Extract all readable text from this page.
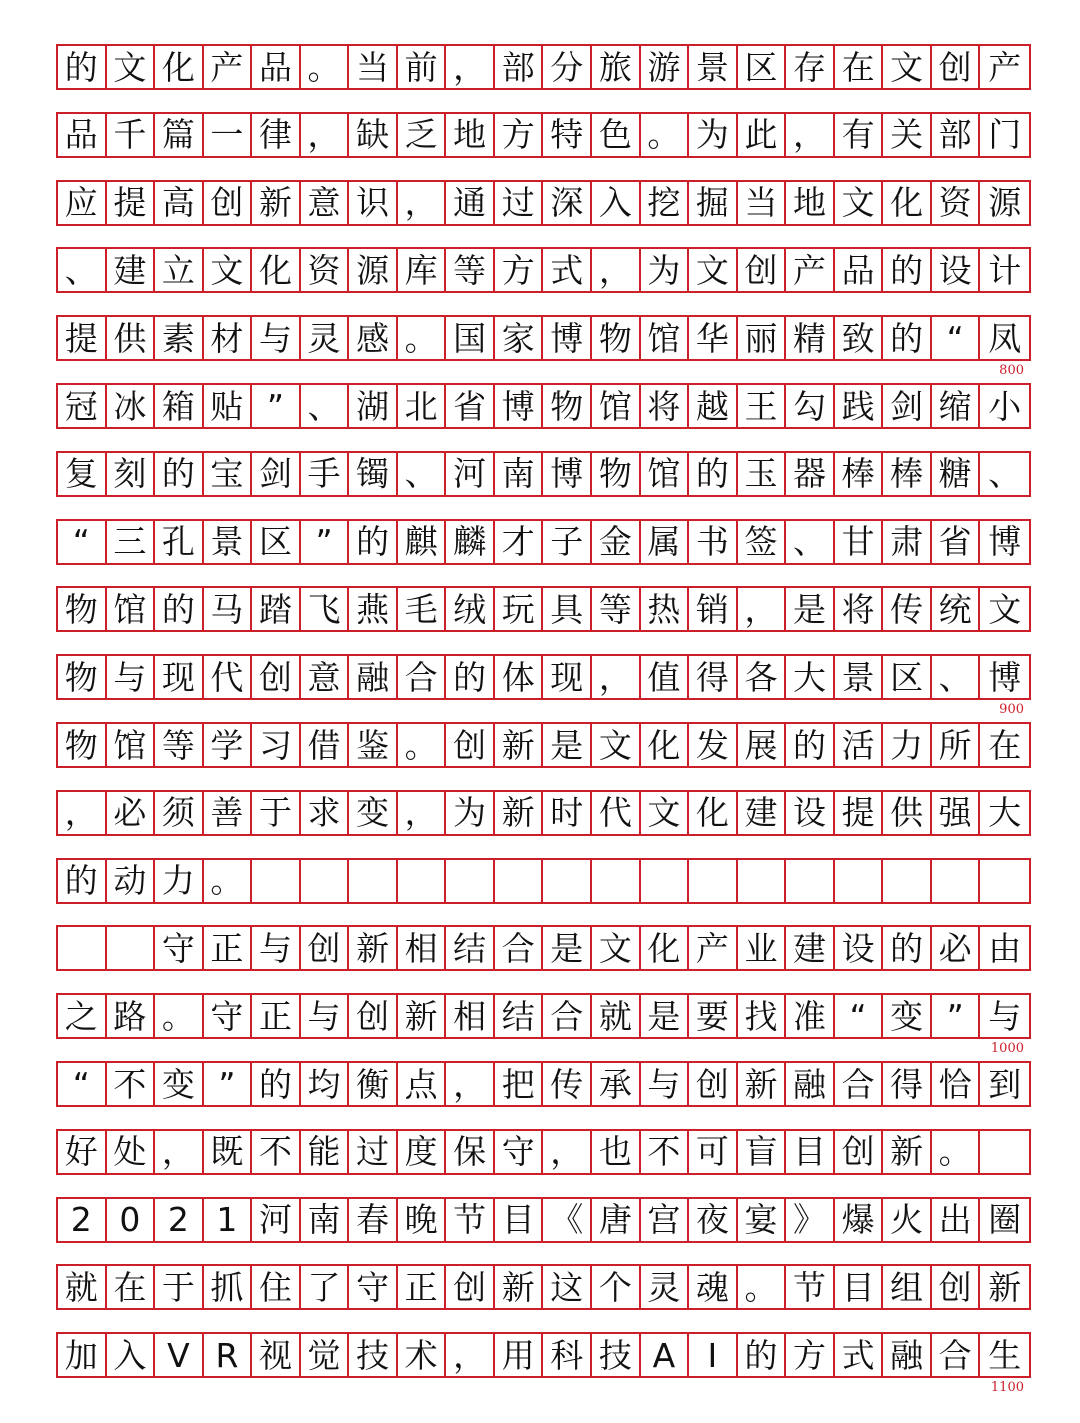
的 文 化 产 品 。 当 前 ， 部 分 旅 游 景 区 存 在 文 创 产
品 千 篇 一 律 ， 缺 乏 地 方 特 色 。 为 此 ， 有 关 部 门
应 提 高 创 新 意 识 ， 通 过 深 入 挖 掘 当 地 文 化 资 源
、 建 立 文 化 资 源 库 等 方 式 ， 为 文 创 产 品 的 设 计
提 供 素 材 与 灵 感 。 国 家 博 物 馆 华 丽 精 致 的 “ 凤
冠 冰 箱 贴 ” 、 湖 北 省 博 物 馆 将 越 王 勾 践 剑 缩 小
复 刻 的 宝 剑 手 镯 、 河 南 博 物 馆 的 玉 器 棒 棒 糖 、
“ 三 孔 景 区 ” 的 麒 麟 才 子 金 属 书 签 、 甘 肃 省 博
物 馆 的 马 踏 飞 燕 毛 绒 玩 具 等 热 销 ， 是 将 传 统 文
物 与 现 代 创 意 融 合 的 体 现 ， 值 得 各 大 景 区 、 博
物 馆 等 学 习 借 鉴 。 创 新 是 文 化 发 展 的 活 力 所 在
， 必 须 善 于 求 变 ， 为 新 时 代 文 化 建 设 提 供 强 大
的 动 力 。
守 正 与 创 新 相 结 合 是 文 化 产 业 建 设 的 必 由
之 路 。 守 正 与 创 新 相 结 合 就 是 要 找 准 “ 变 ” 与
“ 不 变 ” 的 均 衡 点 ， 把 传 承 与 创 新 融 合 得 恰 到
好 处 ， 既 不 能 过 度 保 守 ， 也 不 可 盲 目 创 新 。
2 0 2 1 河 南 春 晚 节 目 《 唐 宫 夜 宴 》 爆 火 出 圈
就 在 于 抓 住 了 守 正 创 新 这 个 灵 魂 。 节 目 组 创 新
加 入 V R 视 觉 技 术 ， 用 科 技 A I 的 方 式 融 合 生
800
900
1000
1100
